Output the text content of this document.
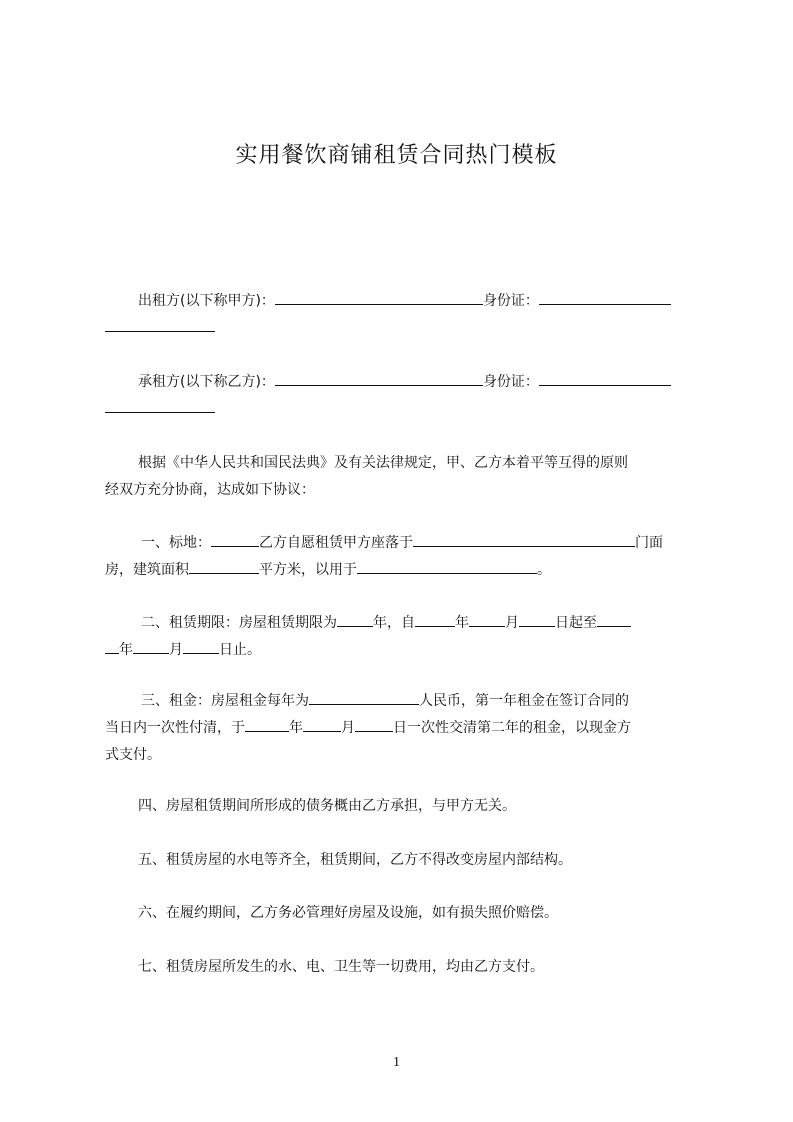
实用餐饮商铺租赁合同热门模板
出租方(以下称甲方)：	身份证：
承租方(以下称乙方)：	身份证：
根据《中华人民共和国民法典》及有关法律规定，甲、乙方本着平等互得的原则
经双方充分协商，达成如下协议：
一、标地：	乙方自愿租赁甲方座落于	门面
房，建筑面积	平方米，以用于	。
二、租赁期限：房屋租赁期限为	年，自	年	月	日起至
年	月	日止。
三、租金：房屋租金每年为	人民币，第一年租金在签订合同的
当日内一次性付清，于	年	月	日一次性交清第二年的租金，以现金方
式支付。
四、房屋租赁期间所形成的债务概由乙方承担，与甲方无关。
五、租赁房屋的水电等齐全，租赁期间，乙方不得改变房屋内部结构。
六、在履约期间，乙方务必管理好房屋及设施，如有损失照价赔偿。
七、租赁房屋所发生的水、电、卫生等一切费用，均由乙方支付。
1
